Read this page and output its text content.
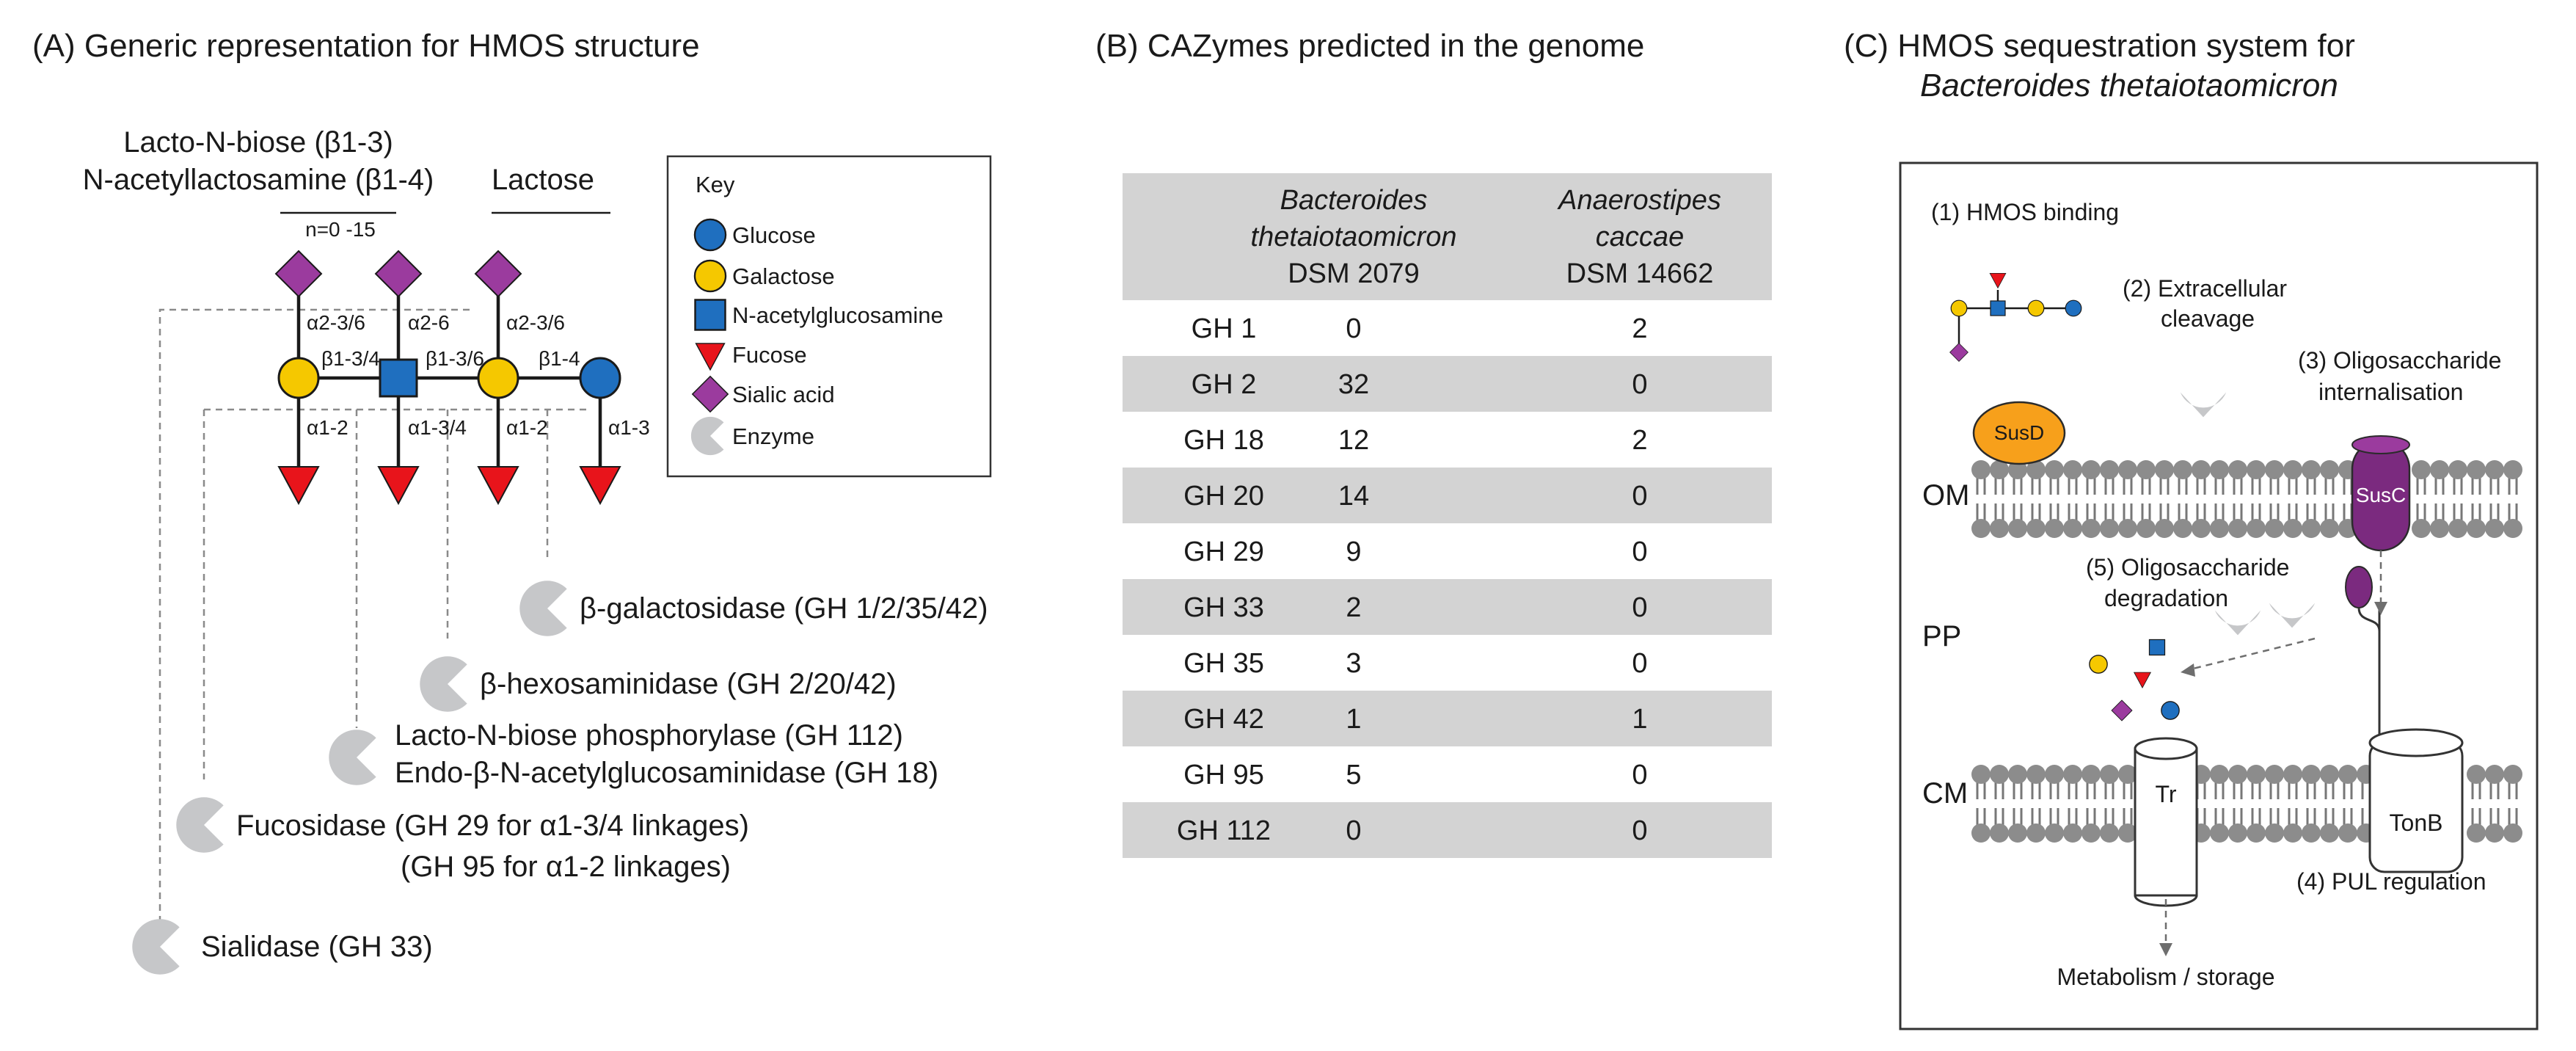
(A) Generic representation for HMOS structure
Lacto-N-biose (β1-3)
N-acetyllactosamine (β1-4)
n=0 -15
Lactose
α2-3/6 α2-6	α2-3/6
β1-3/4 β1-3/6	β1-4
α1-2	α1-3/4 α1-2	α1-3
Key
Glucose
Galactose
N-acetylglucosamine
Fucose
Sialic acid
Enzyme
β-galactosidase (GH 1/2/35/42)
β-hexosaminidase (GH 2/20/42)
Lacto-N-biose phosphorylase (GH 112)
Endo-β-N-acetylglucosaminidase (GH 18)
Fucosidase (GH 29 for α1-3/4 linkages)
(GH 95 for α1-2 linkages)
Sialidase (GH 33)
(B) CAZymes predicted in the genome
Bacteroides
thetaiotaomicron
DSM 2079
Anaerostipes
caccae
DSM 14662
GH 1	0	2
GH 2	32	0
GH 18	12	2
GH 20	14	0
GH 29	9	0
GH 33	2	0
GH 35	3	0
GH 42	1	1
GH 95	5	0
GH 112	0	0
(C) HMOS sequestration system for
Bacteroides thetaiotaomicron
Tr
TonB
SusC
SusD
(1) HMOS binding
(2) Extracellular
cleavage
(3) Oligosaccharide
internalisation
(5) Oligosaccharide
degradation
(4) PUL regulation
Metabolism / storage
OM
PP
CM
